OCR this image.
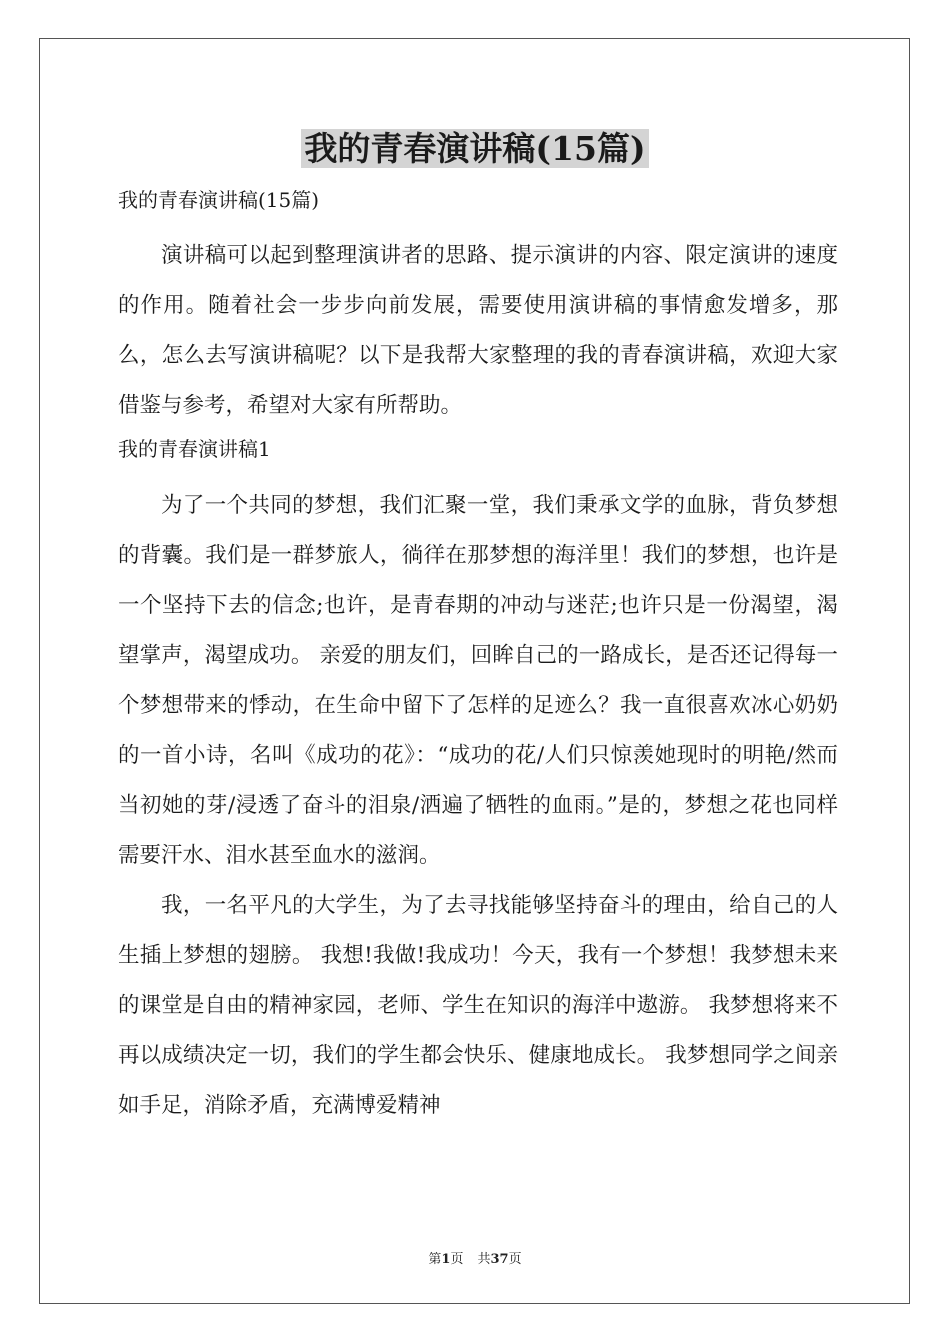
我的青春演讲稿(15篇)

我的青春演讲稿(15篇)

演讲稿可以起到整理演讲者的思路、提示演讲的内容、限定演讲的速度的作用。随着社会一步步向前发展，需要使用演讲稿的事情愈发增多，那么，怎么去写演讲稿呢？以下是我帮大家整理的我的青春演讲稿，欢迎大家借鉴与参考，希望对大家有所帮助。

我的青春演讲稿1

为了一个共同的梦想，我们汇聚一堂，我们秉承文学的血脉，背负梦想的背囊。我们是一群梦旅人，徜徉在那梦想的海洋里！我们的梦想，也许是一个坚持下去的信念;也许，是青春期的冲动与迷茫;也许只是一份渴望，渴望掌声，渴望成功。 亲爱的朋友们，回眸自己的一路成长，是否还记得每一个梦想带来的悸动，在生命中留下了怎样的足迹么？我一直很喜欢冰心奶奶的一首小诗，名叫《成功的花》：“成功的花/人们只惊羡她现时的明艳/然而当初她的芽/浸透了奋斗的泪泉/洒遍了牺牲的血雨。”是的，梦想之花也同样需要汗水、泪水甚至血水的滋润。

我，一名平凡的大学生，为了去寻找能够坚持奋斗的理由，给自己的人生插上梦想的翅膀。 我想!我做!我成功！今天，我有一个梦想！我梦想未来的课堂是自由的精神家园，老师、学生在知识的海洋中遨游。 我梦想将来不再以成绩决定一切，我们的学生都会快乐、健康地成长。 我梦想同学之间亲如手足，消除矛盾，充满博爱精神

第1页 共37页
